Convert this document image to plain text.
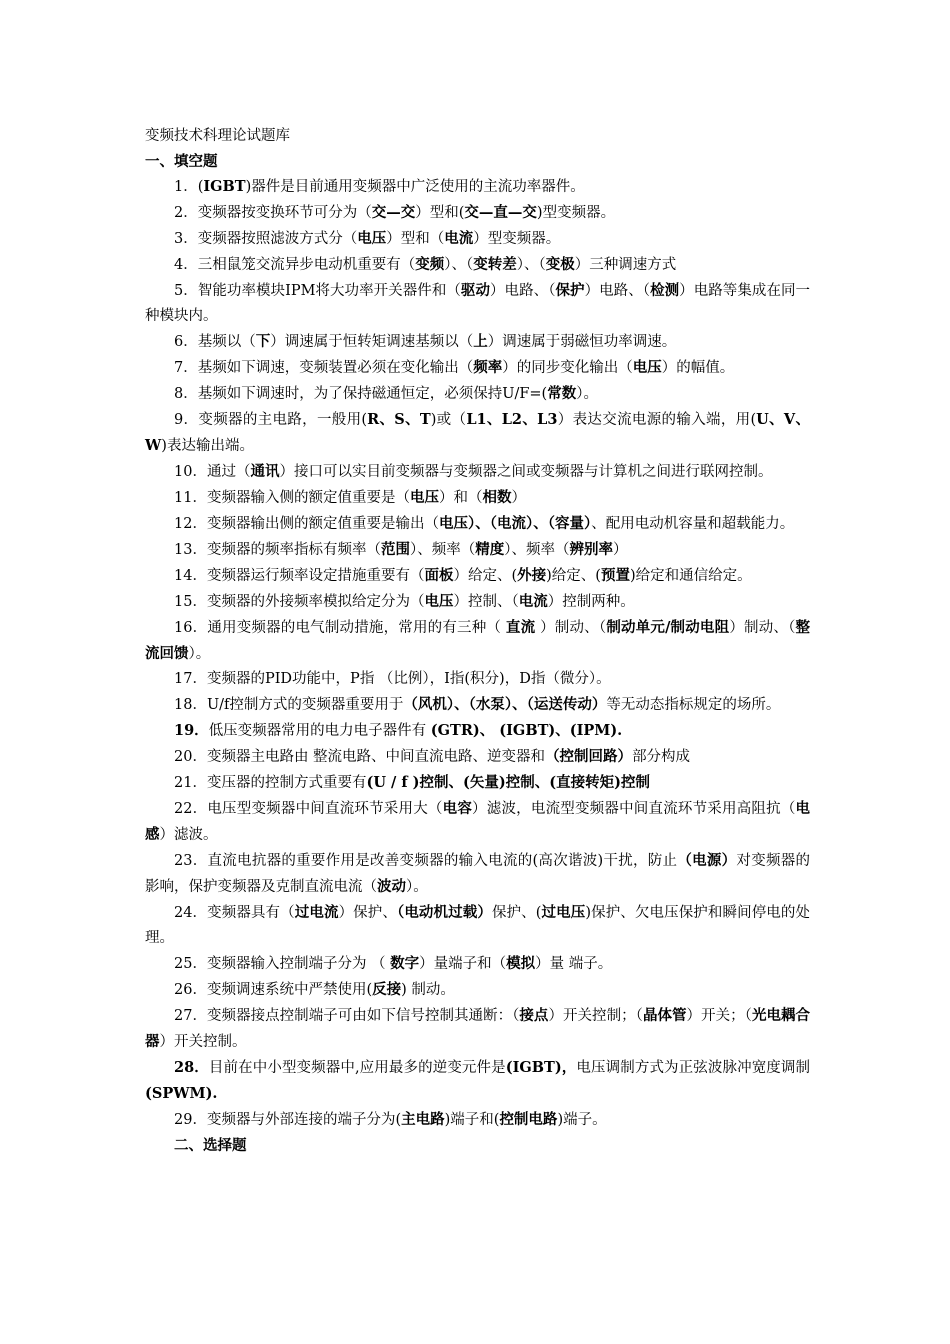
变频技术科理论试题库

一、填空题

1．(IGBT)器件是目前通用变频器中广泛使用的主流功率器件。
2．变频器按变换环节可分为（交—交）型和(交—直—交)型变频器。
3．变频器按照滤波方式分（电压）型和（电流）型变频器。
4．三相鼠笼交流异步电动机重要有（变频）、（变转差）、（变极）三种调速方式
5．智能功率模块IPM将大功率开关器件和（驱动）电路、（保护）电路、（检测）电路等集成在同一种模块内。
6．基频以（下）调速属于恒转矩调速基频以（上）调速属于弱磁恒功率调速。
7．基频如下调速，变频装置必须在变化输出（频率）的同步变化输出（电压）的幅值。
8．基频如下调速时，为了保持磁通恒定，必须保持U/F=(常数）。
9．变频器的主电路，一般用(R、S、T)或（L1、L2、L3）表达交流电源的输入端，用(U、V、W)表达输出端。
10．通过（通讯）接口可以实目前变频器与变频器之间或变频器与计算机之间进行联网控制。
11．变频器输入侧的额定值重要是（电压）和（相数）
12．变频器输出侧的额定值重要是输出（电压）、（电流）、（容量）、配用电动机容量和超载能力。
13．变频器的频率指标有频率（范围）、频率（精度）、频率（辨别率）
14．变频器运行频率设定措施重要有（面板）给定、(外接)给定、(预置)给定和通信给定。
15．变频器的外接频率模拟给定分为（电压）控制、（电流）控制两种。
16．通用变频器的电气制动措施，常用的有三种（ 直流 ）制动、（制动单元/制动电阻）制动、（整流回馈）。
17．变频器的PID功能中，P指 （比例），I指(积分)，D指（微分）。
18．U/f控制方式的变频器重要用于（风机）、（水泵）、（运送传动）等无动态指标规定的场所。
19．低压变频器常用的电力电子器件有 (GTR)、 (IGBT)、(IPM).
20．变频器主电路由 整流电路、中间直流电路、逆变器和（控制回路）部分构成
21．变压器的控制方式重要有(U / f )控制、(矢量)控制、(直接转矩)控制
22．电压型变频器中间直流环节采用大（电容）滤波，电流型变频器中间直流环节采用高阻抗（电感）滤波。
23．直流电抗器的重要作用是改善变频器的输入电流的(高次谐波)干扰，防止（电源）对变频器的影响，保护变频器及克制直流电流（波动）。
24．变频器具有（过电流）保护、（电动机过载）保护、(过电压)保护、欠电压保护和瞬间停电的处理。
25．变频器输入控制端子分为 （ 数字）量端子和（模拟）量 端子。
26．变频调速系统中严禁使用(反接) 制动。
27．变频器接点控制端子可由如下信号控制其通断：（接点）开关控制；（晶体管）开关；（光电耦合器）开关控制。
28．目前在中小型变频器中,应用最多的逆变元件是(IGBT)，电压调制方式为正弦波脉冲宽度调制(SPWM).
29．变频器与外部连接的端子分为(主电路)端子和(控制电路)端子。

二、选择题
